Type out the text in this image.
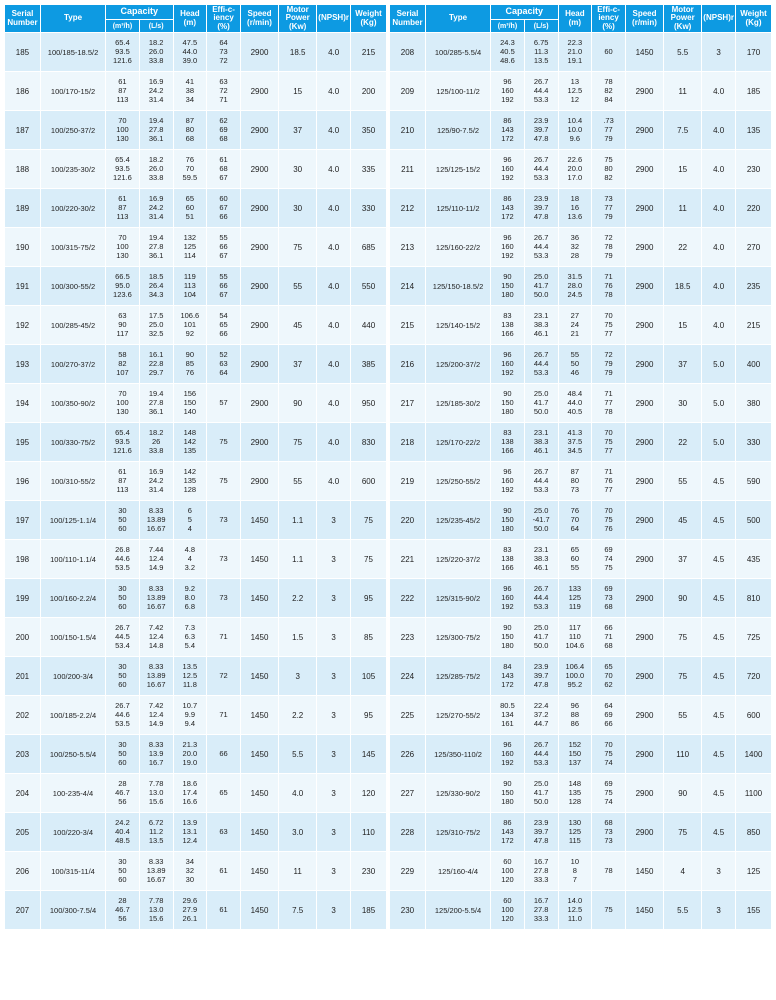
Serial Number	Type	Capacity		Head (m)	Effi-c-iency (%)	Speed (r/min)	Motor Power (Kw)	(NPSH)r	Weight (Kg)
		(m³/h)	(L/s)						
185	100/185-18.5/2	65.4
93.5
121.6	18.2
26.0
33.8	47.5
44.0
39.0	64
73
72	2900	18.5	4.0	215
186	100/170-15/2	61
87
113	16.9
24.2
31.4	41
38
34	63
72
71	2900	15	4.0	200
187	100/250-37/2	70
100
130	19.4
27.8
36.1	87
80
68	62
69
68	2900	37	4.0	350
188	100/235-30/2	65.4
93.5
121.6	18.2
26.0
33.8	76
70
59.5	61
68
67	2900	30	4.0	335
189	100/220-30/2	61
87
113	16.9
24.2
31.4	65
60
51	60
67
66	2900	30	4.0	330
190	100/315-75/2	70
100
130	19.4
27.8
36.1	132
125
114	55
66
67	2900	75	4.0	685
191	100/300-55/2	66.5
95.0
123.6	18.5
26.4
34.3	119
113
104	55
66
67	2900	55	4.0	550
192	100/285-45/2	63
90
117	17.5
25.0
32.5	106.6
101
92	54
65
66	2900	45	4.0	440
193	100/270-37/2	58
82
107	16.1
22.8
29.7	90
85
76	52
63
64	2900	37	4.0	385
194	100/350-90/2	70
100
130	19.4
27.8
36.1	156
150
140	57	2900	90	4.0	950
195	100/330-75/2	65.4
93.5
121.6	18.2
26
33.8	148
142
135	75	2900	75	4.0	830
196	100/310-55/2	61
87
113	16.9
24.2
31.4	142
135
128	75	2900	55	4.0	600
197	100/125-1.1/4	30
50
60	8.33
13.89
16.67	6
5
4	73	1450	1.1	3	75
198	100/110-1.1/4	26.8
44.6
53.5	7.44
12.4
14.9	4.8
4
3.2	73	1450	1.1	3	75
199	100/160-2.2/4	30
50
60	8.33
13.89
16.67	9.2
8.0
6.8	73	1450	2.2	3	95
200	100/150-1.5/4	26.7
44.5
53.4	7.42
12.4
14.8	7.3
6.3
5.4	71	1450	1.5	3	85
201	100/200-3/4	30
50
60	8.33
13.89
16.67	13.5
12.5
11.8	72	1450	3	3	105
202	100/185-2.2/4	26.7
44.6
53.5	7.42
12.4
14.9	10.7
9.9
9.4	71	1450	2.2	3	95
203	100/250-5.5/4	30
50
60	8.33
13.9
16.7	21.3
20.0
19.0	66	1450	5.5	3	145
204	100-235-4/4	28
46.7
56	7.78
13.0
15.6	18.6
17.4
16.6	65	1450	4.0	3	120
205	100/220-3/4	24.2
40.4
48.5	6.72
11.2
13.5	13.9
13.1
12.4	63	1450	3.0	3	110
206	100/315-11/4	30
50
60	8.33
13.89
16.67	34
32
30	61	1450	11	3	230
207	100/300-7.5/4	28
46.7
56	7.78
13.0
15.6	29.6
27.9
26.1	61	1450	7.5	3	185
Serial Number	Type	Capacity		Head (m)	Effi-c-iency (%)	Speed (r/min)	Motor Power (Kw)	(NPSH)r	Weight (Kg)
		(m³/h)	(L/s)						
208	100/285-5.5/4	24.3
40.5
48.6	6.75
11.3
13.5	22.3
21.0
19.1	60	1450	5.5	3	170
209	125/100-11/2	96
160
192	26.7
44.4
53.3	13
12.5
12	78
82
84	2900	11	4.0	185
210	125/90-7.5/2	86
143
172	23.9
39.7
47.8	10.4
10.0
9.6	.73
77
79	2900	7.5	4.0	135
211	125/125-15/2	96
160
192	26.7
44.4
53.3	22.6
20.0
17.0	75
80
82	2900	15	4.0	230
212	125/110-11/2	86
143
172	23.9
39.7
47.8	18
16
13.6	73
77
79	2900	11	4.0	220
213	125/160-22/2	96
160
192	26.7
44.4
53.3	36
32
28	72
78
79	2900	22	4.0	270
214	125/150-18.5/2	90
150
180	25.0
41.7
50.0	31.5
28.0
24.5	71
76
78	2900	18.5	4.0	235
215	125/140-15/2	83
138
166	23.1
38.3
46.1	27
24
21	70
75
77	2900	15	4.0	215
216	125/200-37/2	96
160
192	26.7
44.4
53.3	55
50
46	72
79
79	2900	37	5.0	400
217	125/185-30/2	90
150
180	25.0
41.7
50.0	48.4
44.0
40.5	71
77
78	2900	30	5.0	380
218	125/170-22/2	83
138
166	23.1
38.3
46.1	41.3
37.5
34.5	70
75
77	2900	22	5.0	330
219	125/250-55/2	96
160
192	26.7
44.4
53.3	87
80
73	71
76
77	2900	55	4.5	590
220	125/235-45/2	90
150
180	25.0
-41.7
50.0	76
70
64	70
75
76	2900	45	4.5	500
221	125/220-37/2	83
138
166	23.1
38.3
46.1	65
60
55	69
74
75	2900	37	4.5	435
222	125/315-90/2	96
160
192	26.7
44.4
53.3	133
125
119	69
73
68	2900	90	4.5	810
223	125/300-75/2	90
150
180	25.0
41.7
50.0	117
110
104.6	66
71
68	2900	75	4.5	725
224	125/285-75/2	84
143
172	23.9
39.7
47.8	106.4
100.0
95.2	65
70
62	2900	75	4.5	720
225	125/270-55/2	80.5
134
161	22.4
37.2
44.7	96
88
86	64
69
66	2900	55	4.5	600
226	125/350-110/2	96
160
192	26.7
44.4
53.3	152
150
137	70
75
74	2900	110	4.5	1400
227	125/330-90/2	90
150
180	25.0
41.7
50.0	148
135
128	69
75
74	2900	90	4.5	1100
228	125/310-75/2	86
143
172	23.9
39.7
47.8	130
125
115	68
73
73	2900	75	4.5	850
229	125/160-4/4	60
100
120	16.7
27.8
33.3	10
8
7	78	1450	4	3	125
230	125/200-5.5/4	60
100
120	16.7
27.8
33.3	14.0
12.5
11.0	75	1450	5.5	3	155
